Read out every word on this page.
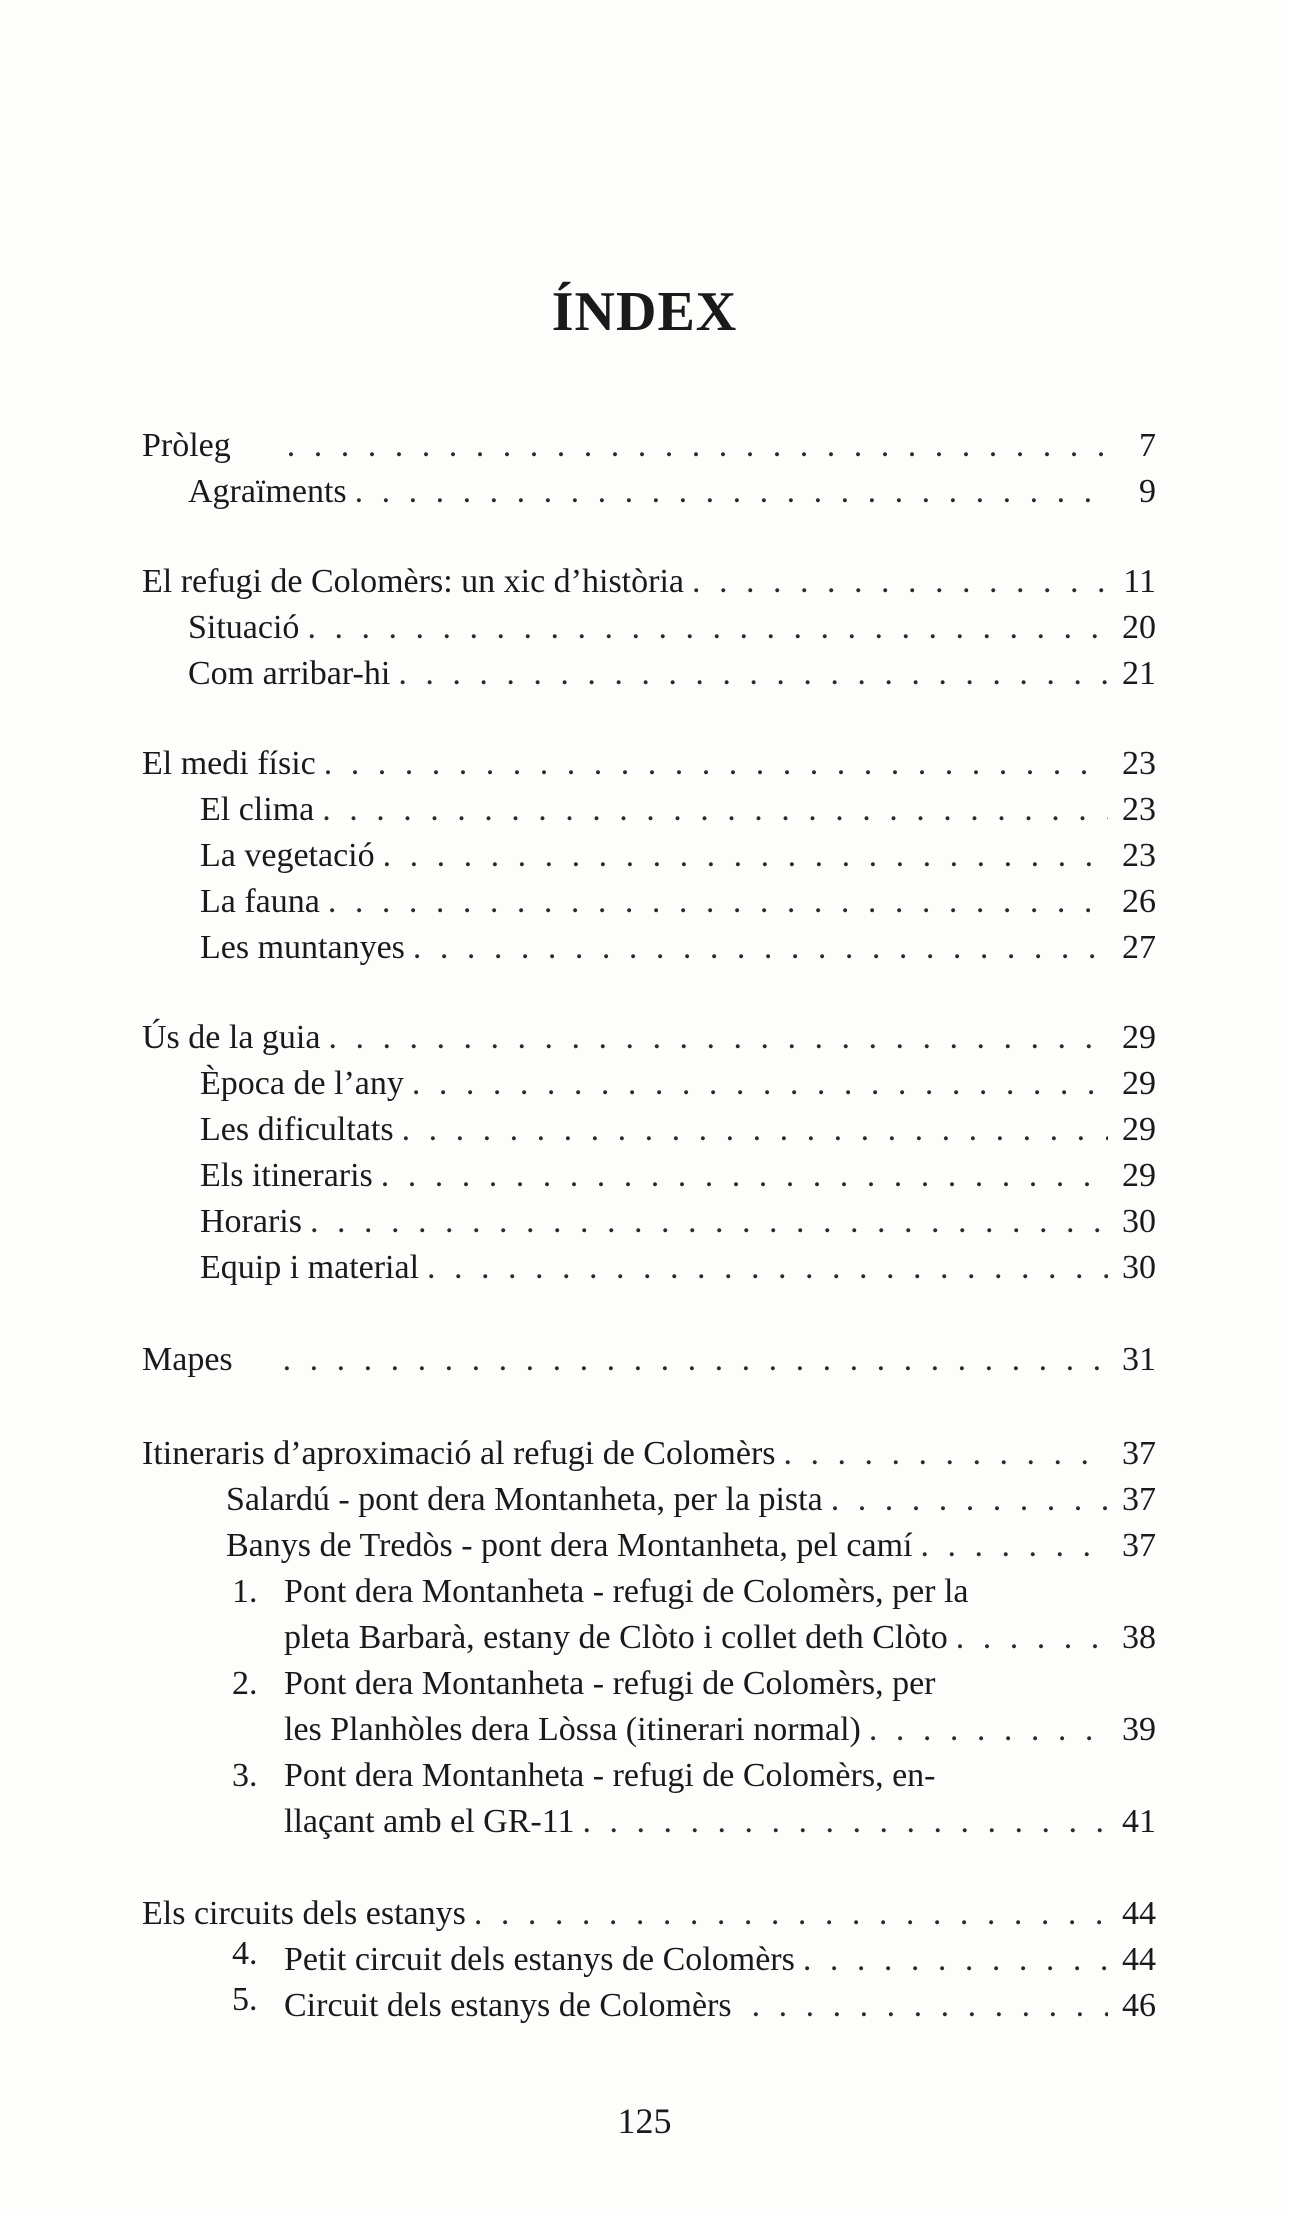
ÍNDEX
Pròleg . . .	7
Agraïments . . .	9
El refugi de Colomèrs: un xic d’història . . .	11
Situació . . .	20
Com arribar-hi . . .	21
El medi físic . . .	23
El clima . . .	23
La vegetació . . .	23
La fauna . . .	26
Les muntanyes . . .	27
Ús de la guia . . .	29
Època de l’any . . .	29
Les dificultats . . .	29
Els itineraris . . .	29
Horaris . . .	30
Equip i material . . .	30
Mapes . . .	31
Itineraris d’aproximació al refugi de Colomèrs . . .	37
Salardú - pont dera Montanheta, per la pista . . .	37
Banys de Tredòs - pont dera Montanheta, pel camí . . .	37
1. Pont dera Montanheta - refugi de Colomèrs, per la
pleta Barbarà, estany de Clòto i collet deth Clòto . . .	38
2. Pont dera Montanheta - refugi de Colomèrs, per
les Planhòles dera Lòssa (itinerari normal) . . .	39
3. Pont dera Montanheta - refugi de Colomèrs, en-
llaçant amb el GR-11 . . .	41
Els circuits dels estanys . . .	44
4. Petit circuit dels estanys de Colomèrs . . .	44
5. Circuit dels estanys de Colomèrs . . .	46
125
